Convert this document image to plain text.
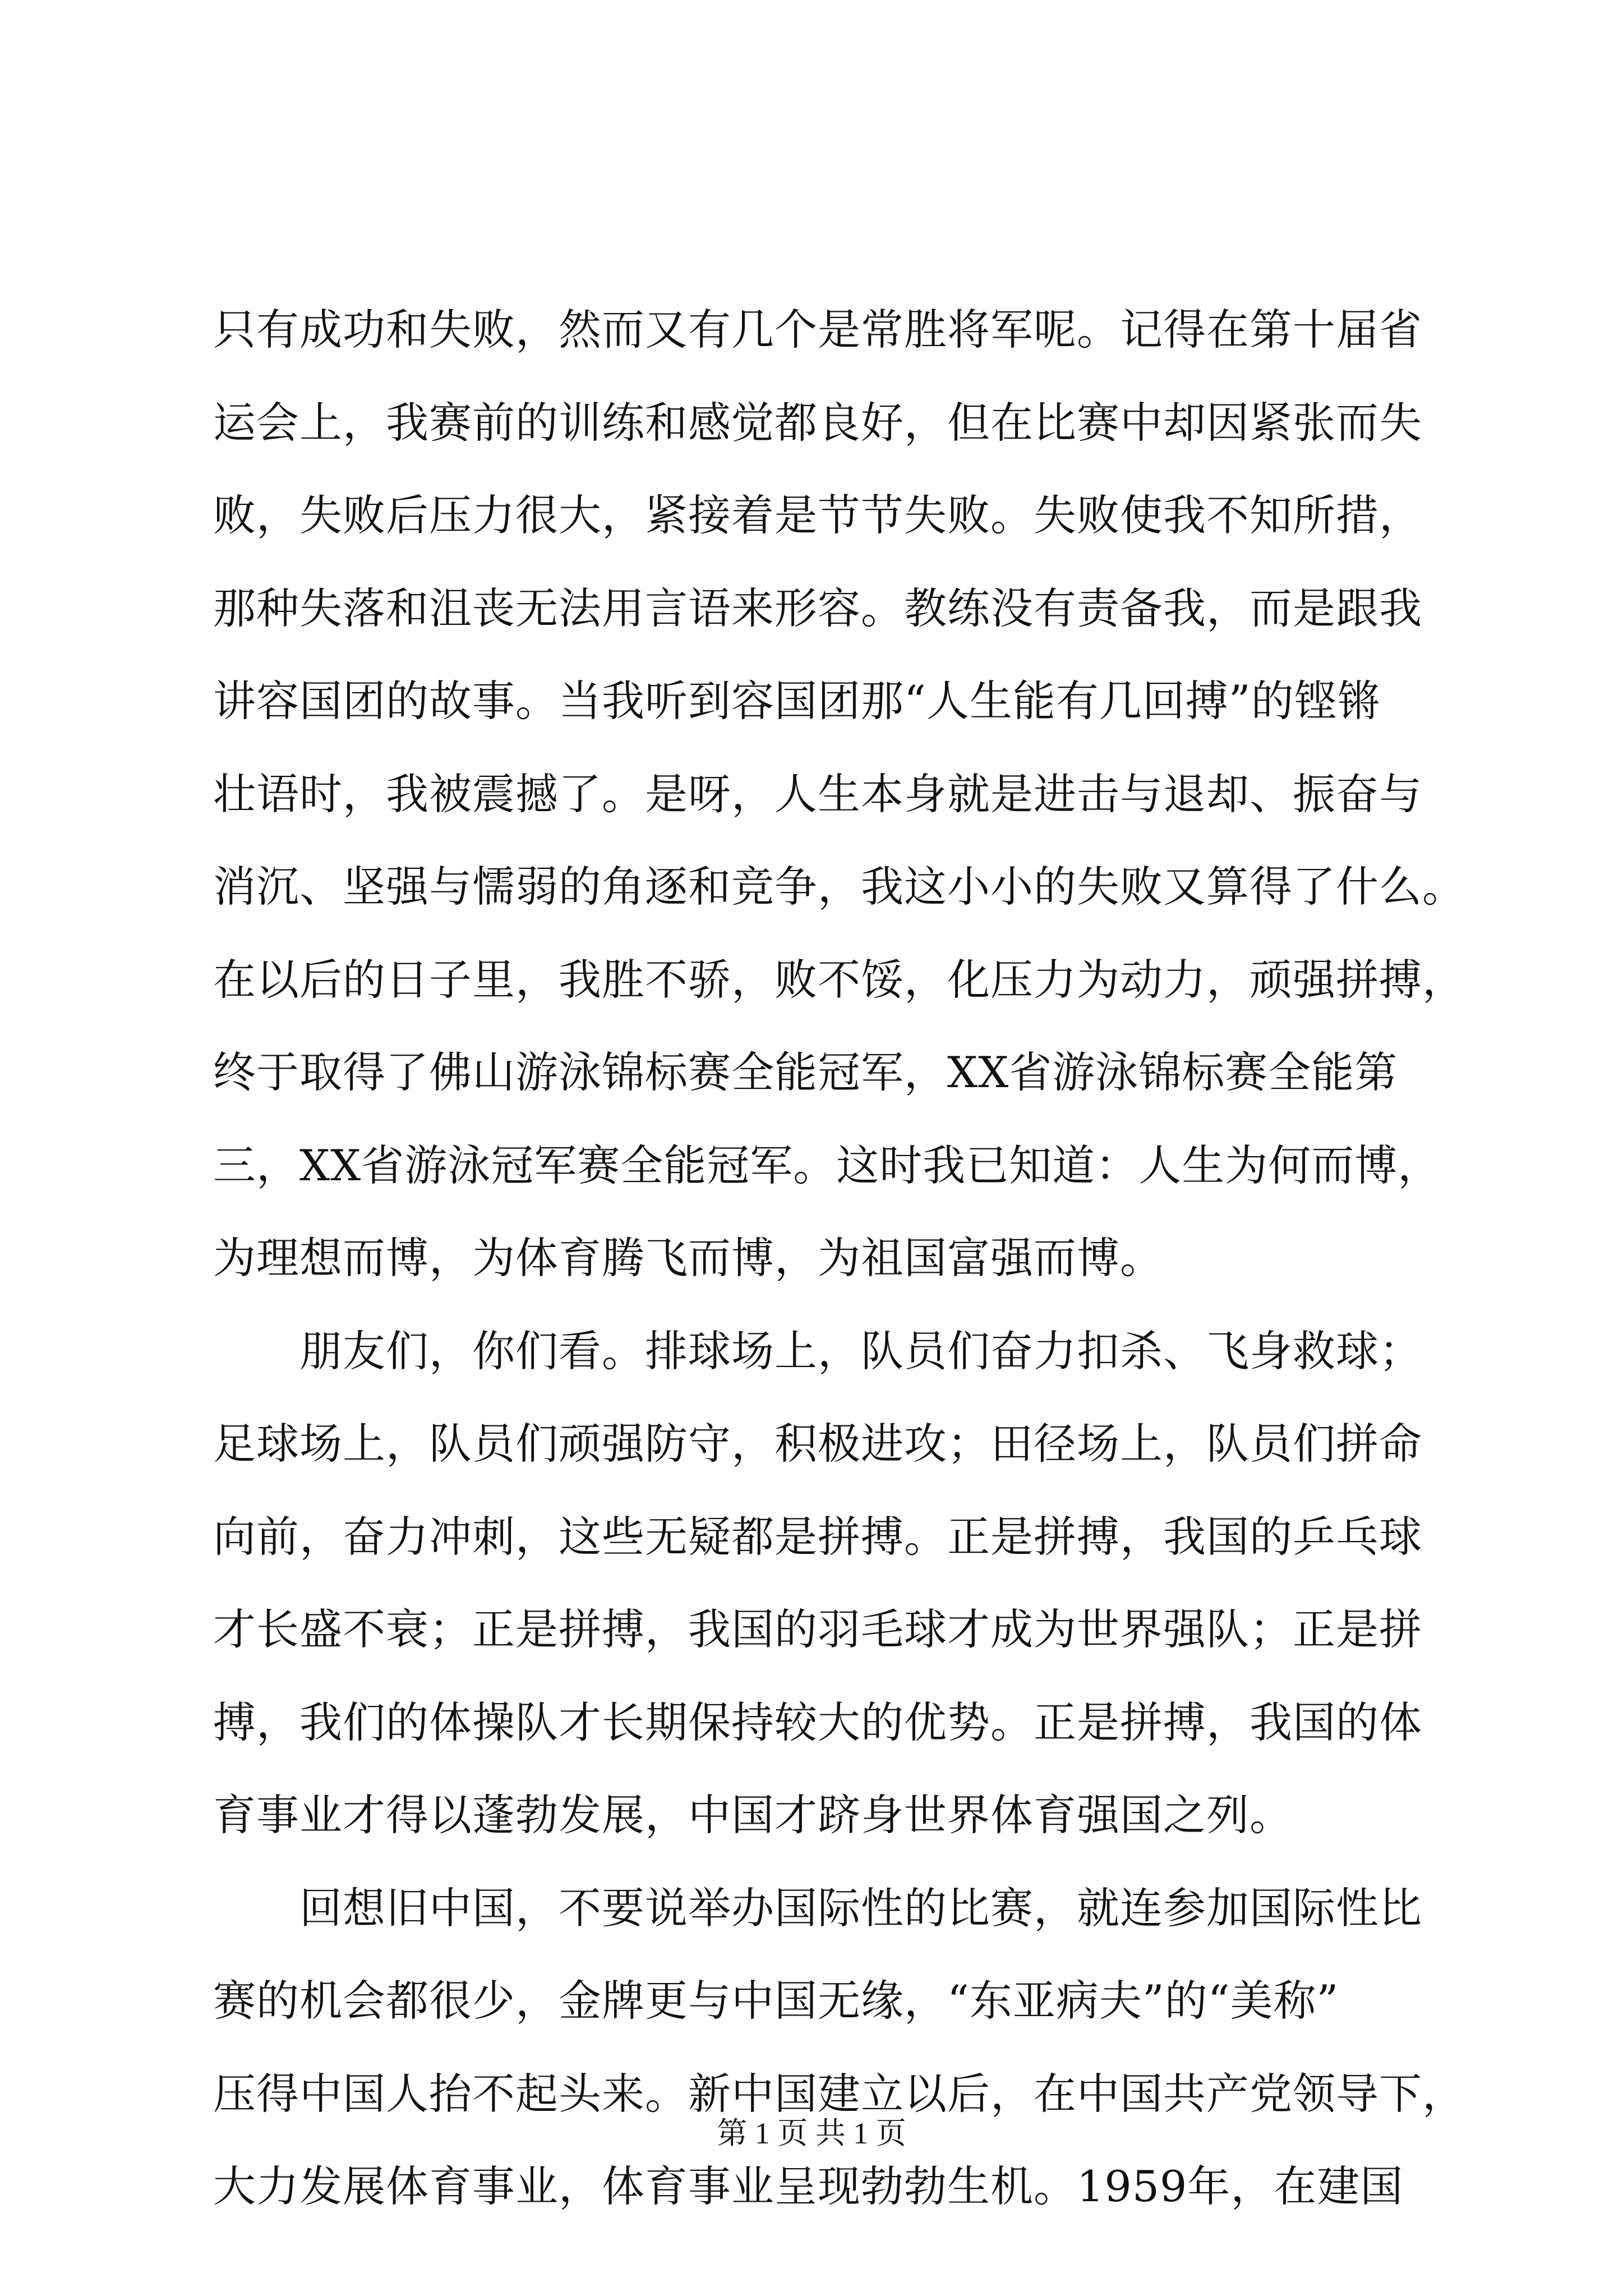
只有成功和失败，然而又有几个是常胜将军呢。记得在第十届省
运会上，我赛前的训练和感觉都良好，但在比赛中却因紧张而失
败，失败后压力很大，紧接着是节节失败。失败使我不知所措，
那种失落和沮丧无法用言语来形容。教练没有责备我，而是跟我
讲容国团的故事。当我听到容国团那“人生能有几回搏”的铿锵
壮语时，我被震撼了。是呀，人生本身就是进击与退却、振奋与
消沉、坚强与懦弱的角逐和竞争，我这小小的失败又算得了什么。
在以后的日子里，我胜不骄，败不馁，化压力为动力，顽强拼搏，
终于取得了佛山游泳锦标赛全能冠军，XX省游泳锦标赛全能第
三，XX省游泳冠军赛全能冠军。这时我已知道：人生为何而博，
为理想而博，为体育腾飞而博，为祖国富强而博。
　　朋友们，你们看。排球场上，队员们奋力扣杀、飞身救球；
足球场上，队员们顽强防守，积极进攻；田径场上，队员们拼命
向前，奋力冲刺，这些无疑都是拼搏。正是拼搏，我国的乒乓球
才长盛不衰；正是拼搏，我国的羽毛球才成为世界强队；正是拼
搏，我们的体操队才长期保持较大的优势。正是拼搏，我国的体
育事业才得以蓬勃发展，中国才跻身世界体育强国之列。
　　回想旧中国，不要说举办国际性的比赛，就连参加国际性比
赛的机会都很少，金牌更与中国无缘，“东亚病夫”的“美称”
压得中国人抬不起头来。新中国建立以后，在中国共产党领导下，
大力发展体育事业，体育事业呈现勃勃生机。1959年，在建国
第 1 页 共 1 页
